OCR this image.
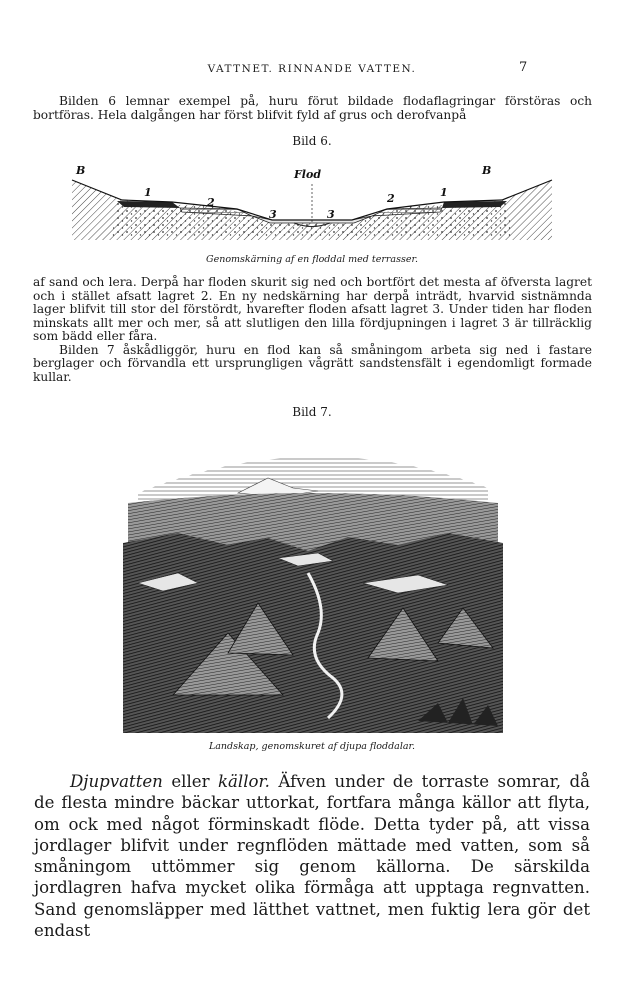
VATTNET. RINNANDE VATTEN.	7

Bilden 6 lemnar exempel på, huru förut bildade flodaflagringar förstöras och bortföras. Hela dalgången har först blifvit fyld af grus och derofvanpå

Bild 6.
B	B
Flod
1
2
3	3
2	1
Genomskärning af en floddal med terrasser.

af sand och lera. Derpå har floden skurit sig ned och bortfört det mesta af öfversta lagret och i stället afsatt lagret 2. En ny nedskärning har derpå inträdt, hvarvid sistnämnda lager blifvit till stor del förstördt, hvarefter floden afsatt lagret 3. Under tiden har floden minskats allt mer och mer, så att slutligen den lilla fördjupningen i lagret 3 är tillräcklig som bädd eller fåra.

Bilden 7 åskådliggör, huru en flod kan så småningom arbeta sig ned i fastare berglager och förvandla ett ursprungligen vågrätt sandstensfält i egendomligt formade kullar.

Bild 7.
Landskap, genomskuret af djupa floddalar.

Djupvatten eller källor. Äfven under de torraste somrar, då de flesta mindre bäckar uttorkat, fortfara många källor att flyta, om ock med något förminskadt flöde. Detta tyder på, att vissa jordlager blifvit under regnflöden mättade med vatten, som så småningom uttömmer sig genom källorna. De särskilda jordlagren hafva mycket olika förmåga att upptaga regnvatten. Sand genomsläpper med lätthet vattnet, men fuktig lera gör det endast
